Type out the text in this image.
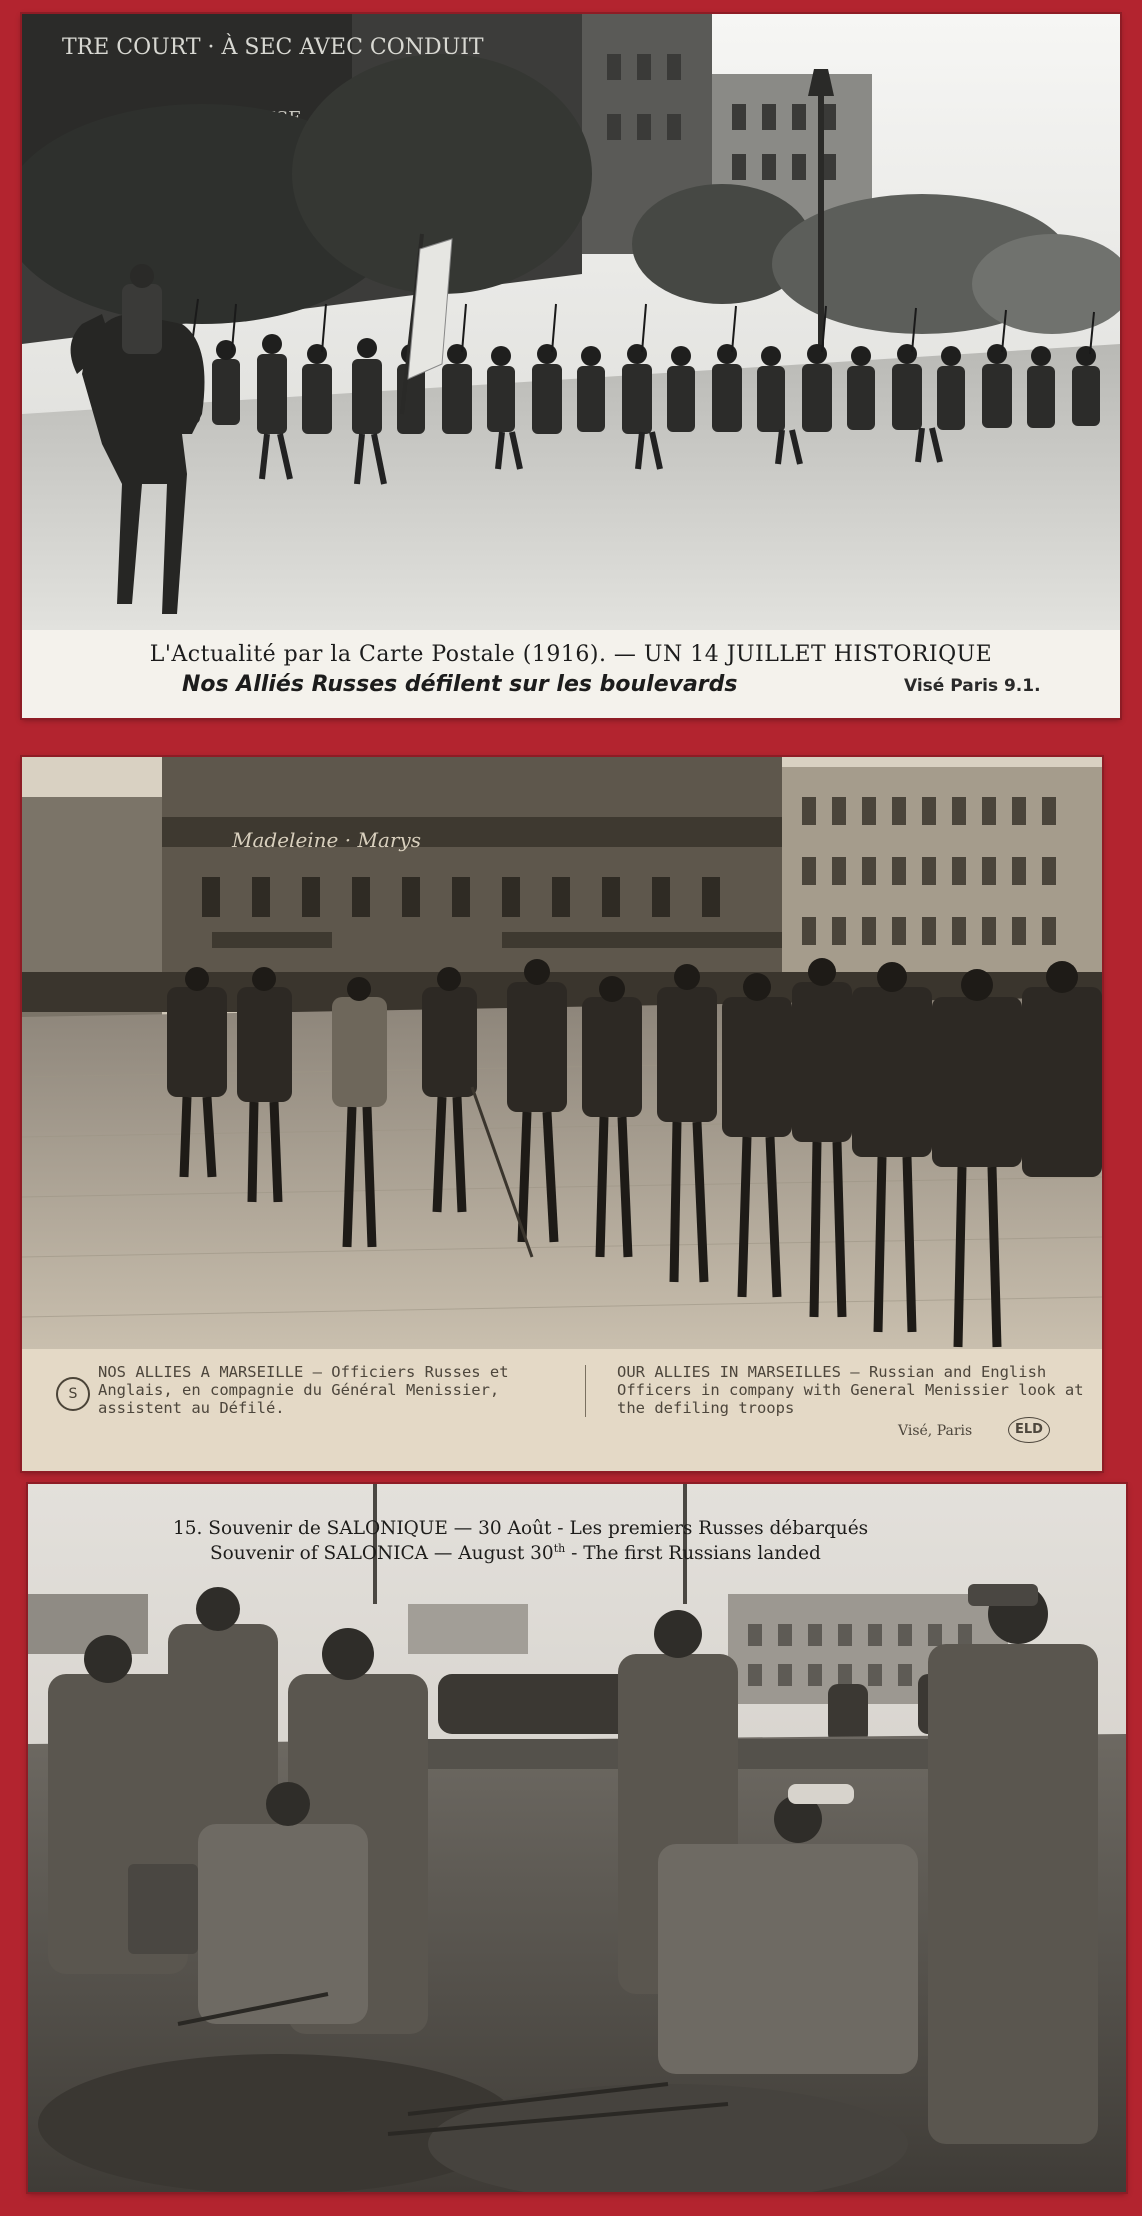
TRE COURT · À SEC AVEC CONDUIT
L'Actualité par la Carte Postale (1916). — UN 14 JUILLET HISTORIQUE
Nos Alliés Russes défilent sur les boulevards	Visé Paris 9.1.
Madeleine · Marys
S
NOS ALLIES A MARSEILLE — Officiers Russes et Anglais, en compagnie du Général Menissier, assistent au Défilé.
OUR ALLIES IN MARSEILLES — Russian and English Officers in company with General Menissier look at the defiling troops
Visé, Paris	ELD
15. Souvenir de SALONIQUE — 30 Août - Les premiers Russes débarqués
Souvenir of SALONICA — August 30th - The first Russians landed
